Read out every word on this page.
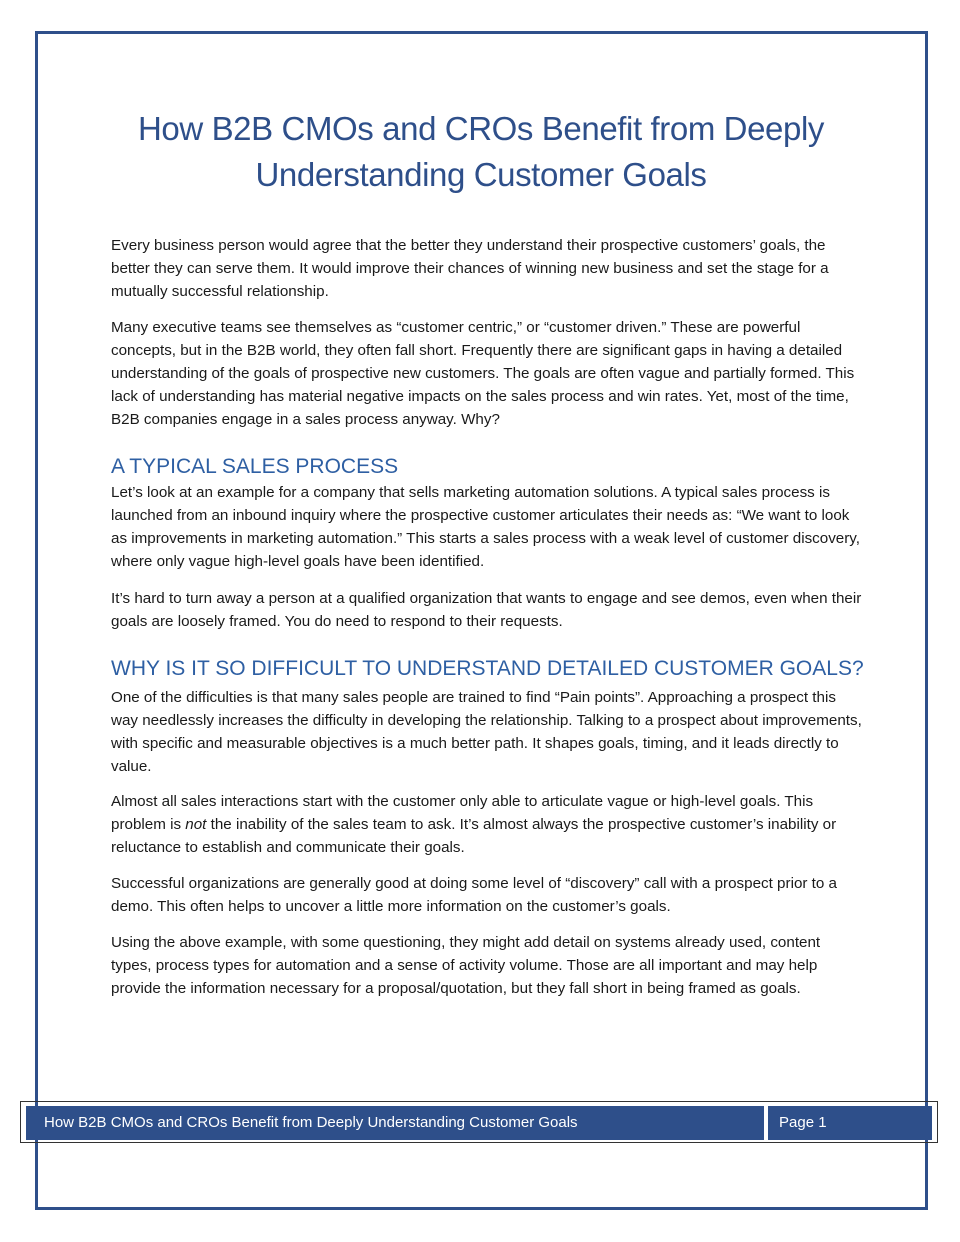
How B2B CMOs and CROs Benefit from Deeply Understanding Customer Goals

Every business person would agree that the better they understand their prospective customers’ goals, the better they can serve them. It would improve their chances of winning new business and set the stage for a mutually successful relationship.

Many executive teams see themselves as “customer centric,” or “customer driven.” These are powerful concepts, but in the B2B world, they often fall short. Frequently there are significant gaps in having a detailed understanding of the goals of prospective new customers. The goals are often vague and partially formed. This lack of understanding has material negative impacts on the sales process and win rates. Yet, most of the time, B2B companies engage in a sales process anyway. Why?

A TYPICAL SALES PROCESS

Let’s look at an example for a company that sells marketing automation solutions. A typical sales process is launched from an inbound inquiry where the prospective customer articulates their needs as: “We want to look as improvements in marketing automation.” This starts a sales process with a weak level of customer discovery, where only vague high-level goals have been identified.

It’s hard to turn away a person at a qualified organization that wants to engage and see demos, even when their goals are loosely framed. You do need to respond to their requests.

WHY IS IT SO DIFFICULT TO UNDERSTAND DETAILED CUSTOMER GOALS?

One of the difficulties is that many sales people are trained to find “Pain points”. Approaching a prospect this way needlessly increases the difficulty in developing the relationship. Talking to a prospect about improvements, with specific and measurable objectives is a much better path. It shapes goals, timing, and it leads directly to value.

Almost all sales interactions start with the customer only able to articulate vague or high-level goals. This problem is not the inability of the sales team to ask. It’s almost always the prospective customer’s inability or reluctance to establish and communicate their goals.

Successful organizations are generally good at doing some level of “discovery” call with a prospect prior to a demo. This often helps to uncover a little more information on the customer’s goals.

Using the above example, with some questioning, they might add detail on systems already used, content types, process types for automation and a sense of activity volume. Those are all important and may help provide the information necessary for a proposal/quotation, but they fall short in being framed as goals.

How B2B CMOs and CROs Benefit from Deeply Understanding Customer Goals	Page 1
